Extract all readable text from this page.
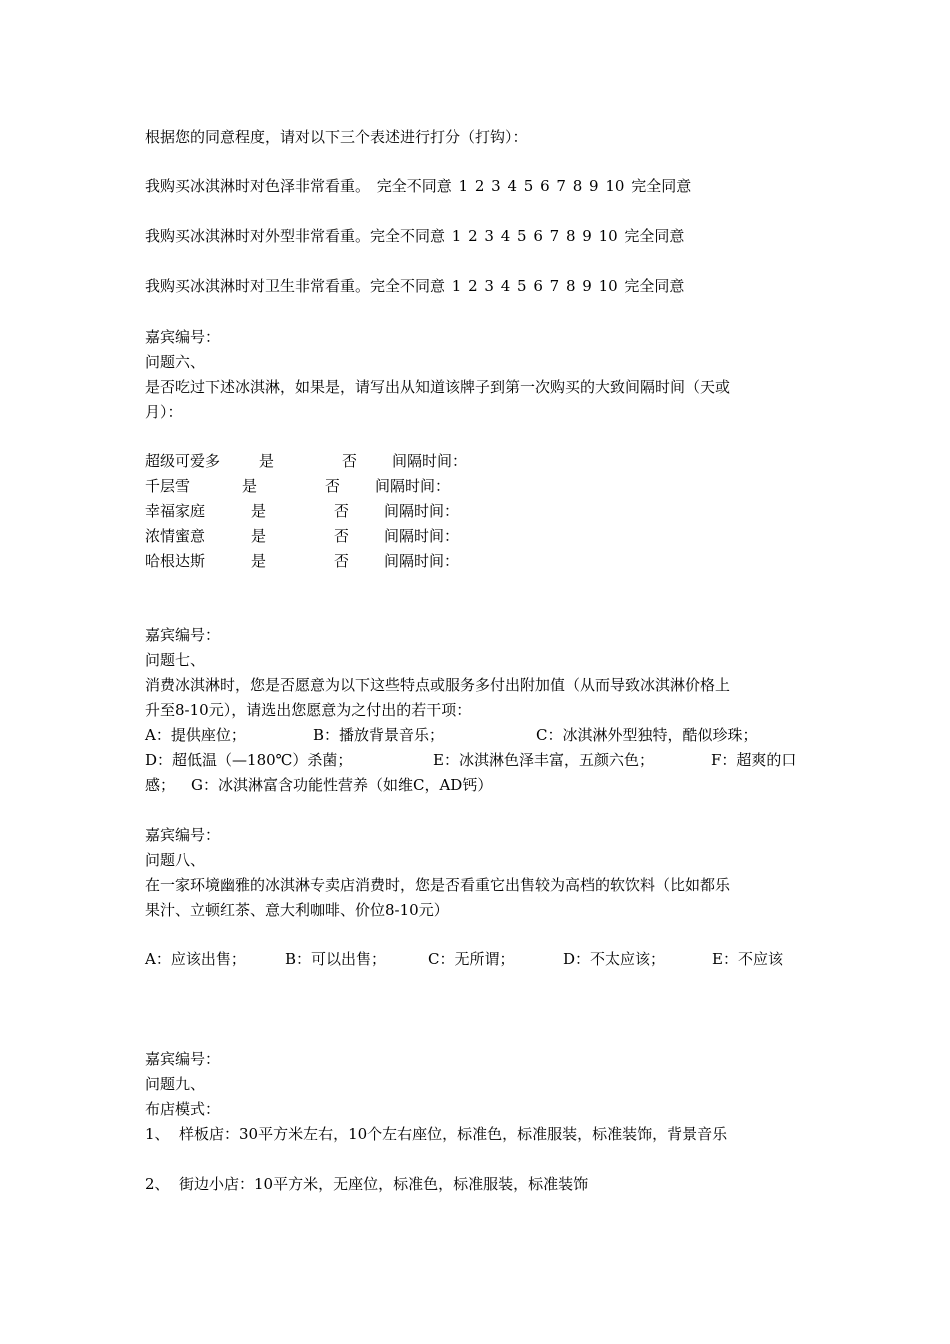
根据您的同意程度，请对以下三个表述进行打分（打钩）：
我购买冰淇淋时对色泽非常看重。 完全不同意 1 2 3 4 5 6 7 8 9 10 完全同意
我购买冰淇淋时对外型非常看重。完全不同意 1 2 3 4 5 6 7 8 9 10 完全同意
我购买冰淇淋时对卫生非常看重。完全不同意 1 2 3 4 5 6 7 8 9 10 完全同意
嘉宾编号：
问题六、
是否吃过下述冰淇淋，如果是，请写出从知道该牌子到第一次购买的大致间隔时间（天或
月）：
超级可爱多	是	否 间隔时间：
千层雪	是	否 间隔时间：
幸福家庭	是	否 间隔时间：
浓情蜜意	是	否 间隔时间：
哈根达斯	是	否 间隔时间：
嘉宾编号：
问题七、
消费冰淇淋时，您是否愿意为以下这些特点或服务多付出附加值（从而导致冰淇淋价格上
升至8-10元），请选出您愿意为之付出的若干项：
A：提供座位；	B：播放背景音乐；	C：冰淇淋外型独特，酷似珍珠；
D：超低温（—180℃）杀菌；	E：冰淇淋色泽丰富，五颜六色；	F：超爽的口
感； G：冰淇淋富含功能性营养（如维C，AD钙）
嘉宾编号：
问题八、
在一家环境幽雅的冰淇淋专卖店消费时，您是否看重它出售较为高档的软饮料（比如都乐
果汁、立顿红茶、意大利咖啡、价位8-10元）
A：应该出售；	B：可以出售；	C：无所谓；	D：不太应该；	E：不应该
嘉宾编号：
问题九、
布店模式：
1、 样板店：30平方米左右，10个左右座位，标准色，标准服装，标准装饰，背景音乐
2、 街边小店：10平方米，无座位，标准色，标准服装，标准装饰
